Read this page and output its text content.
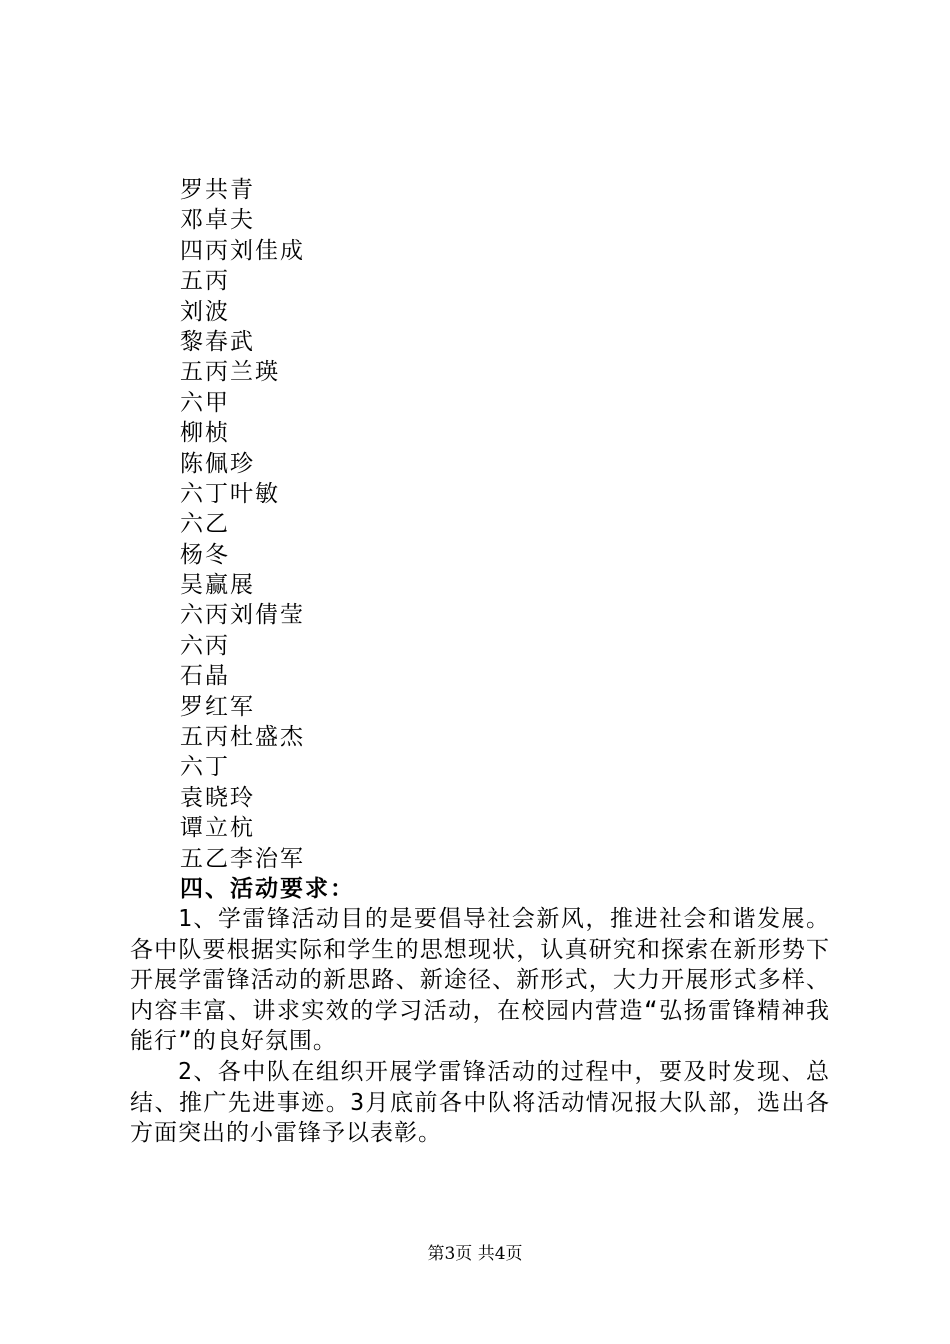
罗共青
邓卓夫
四丙刘佳成
五丙
刘波
黎春武
五丙兰瑛
六甲
柳桢
陈佩珍
六丁叶敏
六乙
杨冬
吴赢展
六丙刘倩莹
六丙
石晶
罗红军
五丙杜盛杰
六丁
袁晓玲
谭立杭
五乙李治军
四、活动要求：

1、学雷锋活动目的是要倡导社会新风，推进社会和谐发展。各中队要根据实际和学生的思想现状，认真研究和探索在新形势下开展学雷锋活动的新思路、新途径、新形式，大力开展形式多样、内容丰富、讲求实效的学习活动，在校园内营造“弘扬雷锋精神我能行”的良好氛围。

2、各中队在组织开展学雷锋活动的过程中，要及时发现、总结、推广先进事迹。3月底前各中队将活动情况报大队部，选出各方面突出的小雷锋予以表彰。

第3页 共4页
